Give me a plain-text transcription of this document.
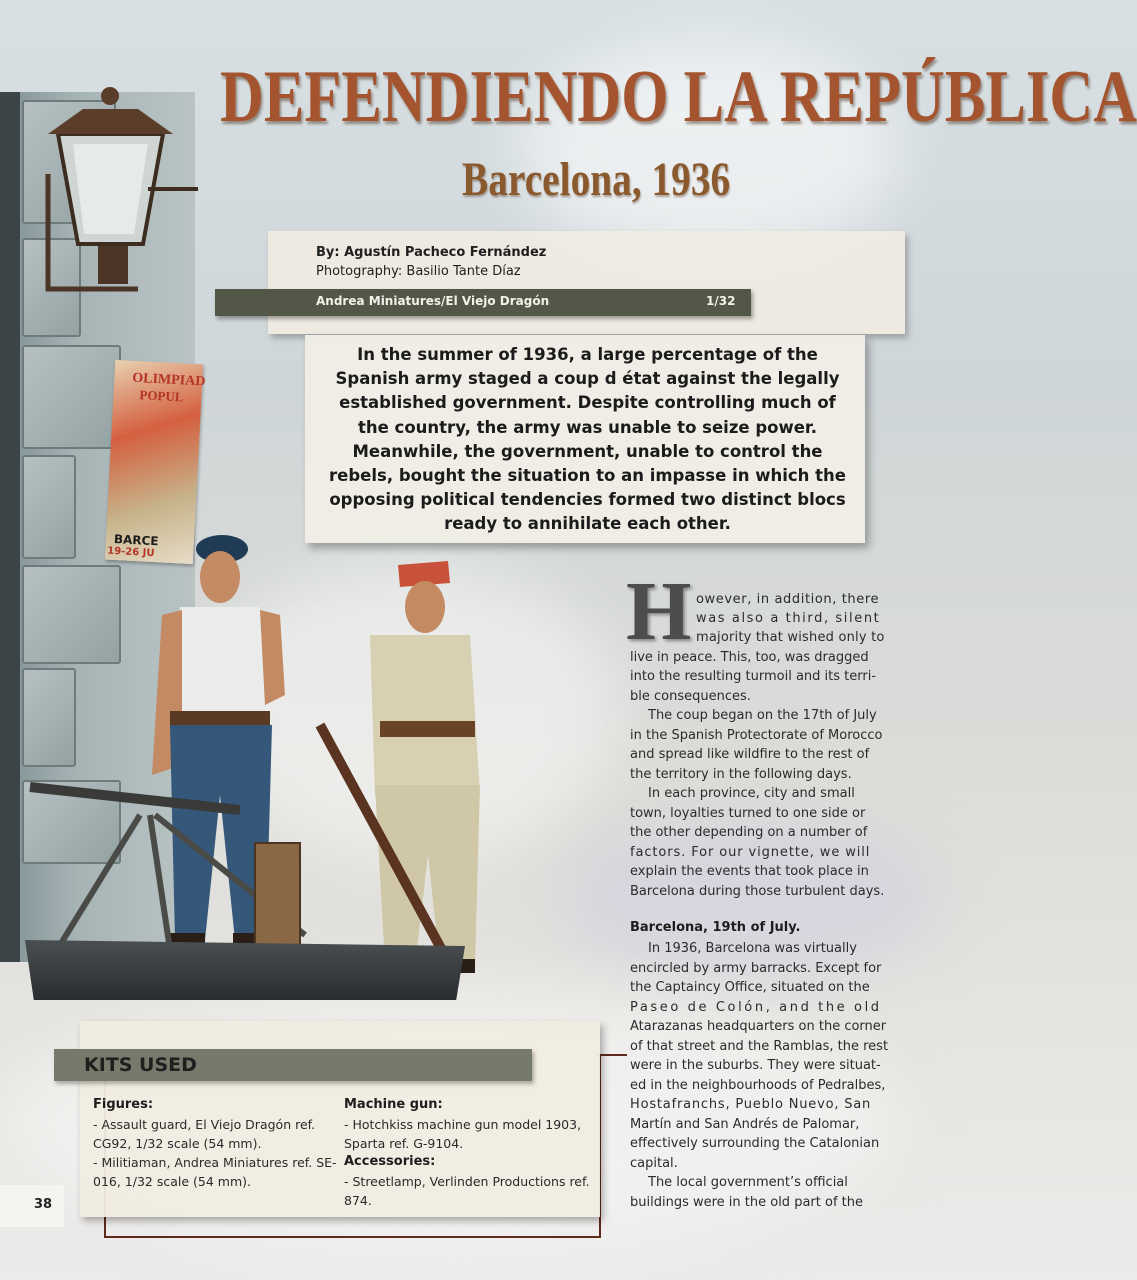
OLIMPIAD
POPUL
BARCE
19-26 JU
DEFENDIENDO LA REPÚBLICA
Barcelona, 1936
By: Agustín Pacheco Fernández
Photography: Basilio Tante Díaz
Andrea Miniatures/El Viejo Dragón	1/32

In the summer of 1936, a large percentage of the Spanish army staged a coup d état against the legally established government. Despite controlling much of the country, the army was unable to seize power. Meanwhile, the government, unable to control the rebels, bought the situation to an impasse in which the opposing political tendencies formed two distinct blocs ready to annihilate each other.

H owever, in addition, there
was also a third, silent
majority that wished only to
live in peace. This, too, was dragged
into the resulting turmoil and its terri-
ble consequences.
The coup began on the 17th of July
in the Spanish Protectorate of Morocco
and spread like wildfire to the rest of
the territory in the following days.
In each province, city and small
town, loyalties turned to one side or
the other depending on a number of
factors. For our vignette, we will
explain the events that took place in
Barcelona during those turbulent days.
Barcelona, 19th of July.
In 1936, Barcelona was virtually
encircled by army barracks. Except for
the Captaincy Office, situated on the
Paseo de Colón, and the old
Atarazanas headquarters on the corner
of that street and the Ramblas, the rest
were in the suburbs. They were situat-
ed in the neighbourhoods of Pedralbes,
Hostafranchs, Pueblo Nuevo, San
Martín and San Andrés de Palomar,
effectively surrounding the Catalonian
capital.
The local government’s official
buildings were in the old part of the
KITS USED
Figures:
- Assault guard, El Viejo Dragón ref.
CG92, 1/32 scale (54 mm).
- Militiaman, Andrea Miniatures ref. SE-
016, 1/32 scale (54 mm).
Machine gun:
- Hotchkiss machine gun model 1903,
Sparta ref. G-9104.
Accessories:
- Streetlamp, Verlinden Productions ref.
874.
38
